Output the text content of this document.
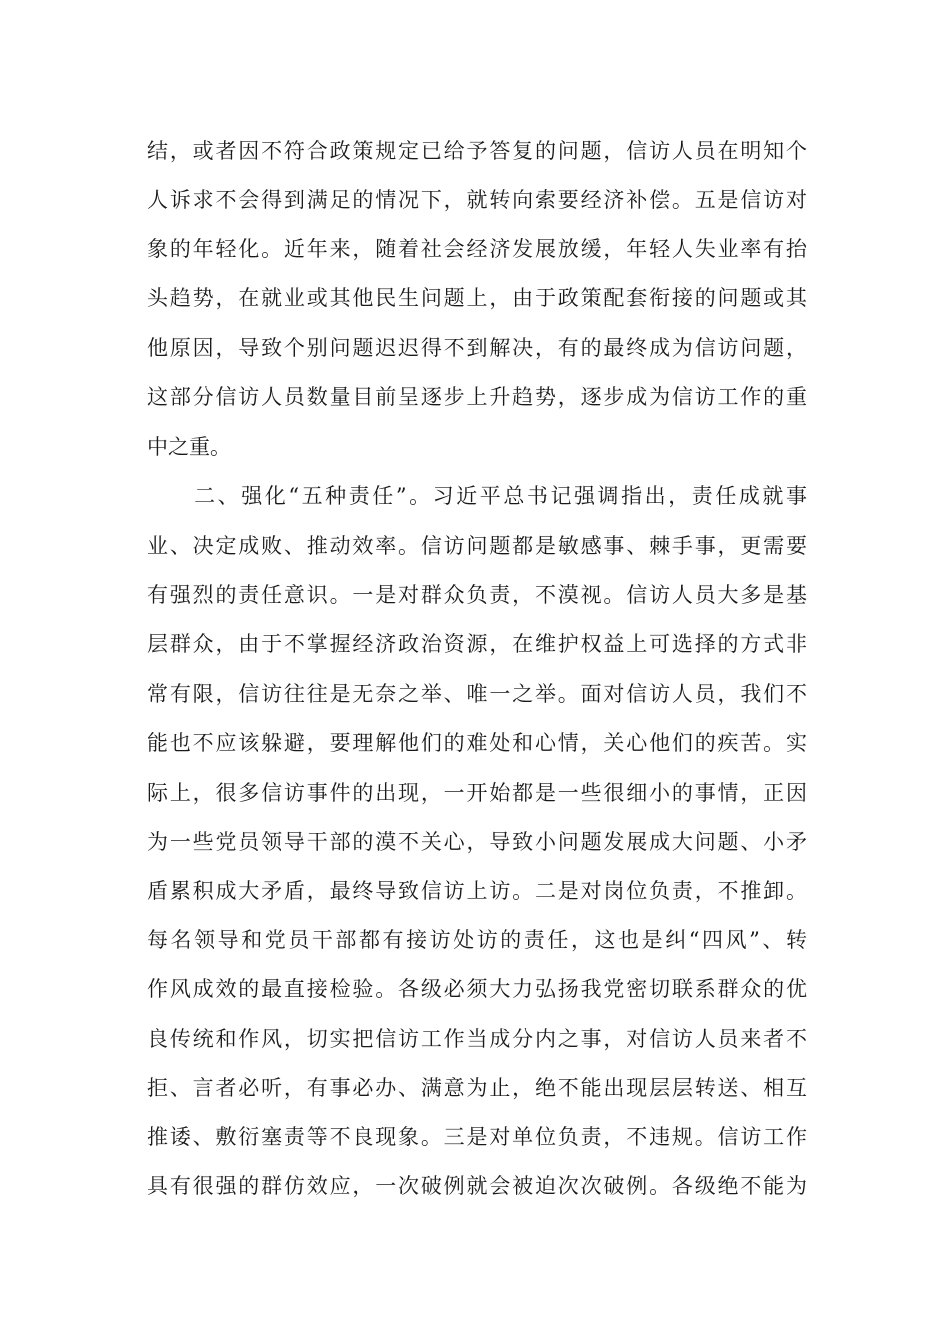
结，或者因不符合政策规定已给予答复的问题，信访人员在明知个
人诉求不会得到满足的情况下，就转向索要经济补偿。五是信访对
象的年轻化。近年来，随着社会经济发展放缓，年轻人失业率有抬
头趋势，在就业或其他民生问题上，由于政策配套衔接的问题或其
他原因，导致个别问题迟迟得不到解决，有的最终成为信访问题，
这部分信访人员数量目前呈逐步上升趋势，逐步成为信访工作的重
中之重。
　　二、强化“五种责任”。习近平总书记强调指出，责任成就事
业、决定成败、推动效率。信访问题都是敏感事、棘手事，更需要
有强烈的责任意识。一是对群众负责，不漠视。信访人员大多是基
层群众，由于不掌握经济政治资源，在维护权益上可选择的方式非
常有限，信访往往是无奈之举、唯一之举。面对信访人员，我们不
能也不应该躲避，要理解他们的难处和心情，关心他们的疾苦。实
际上，很多信访事件的出现，一开始都是一些很细小的事情，正因
为一些党员领导干部的漠不关心，导致小问题发展成大问题、小矛
盾累积成大矛盾，最终导致信访上访。二是对岗位负责，不推卸。
每名领导和党员干部都有接访处访的责任，这也是纠“四风”、转
作风成效的最直接检验。各级必须大力弘扬我党密切联系群众的优
良传统和作风，切实把信访工作当成分内之事，对信访人员来者不
拒、言者必听，有事必办、满意为止，绝不能出现层层转送、相互
推诿、敷衍塞责等不良现象。三是对单位负责，不违规。信访工作
具有很强的群仿效应，一次破例就会被迫次次破例。各级绝不能为
